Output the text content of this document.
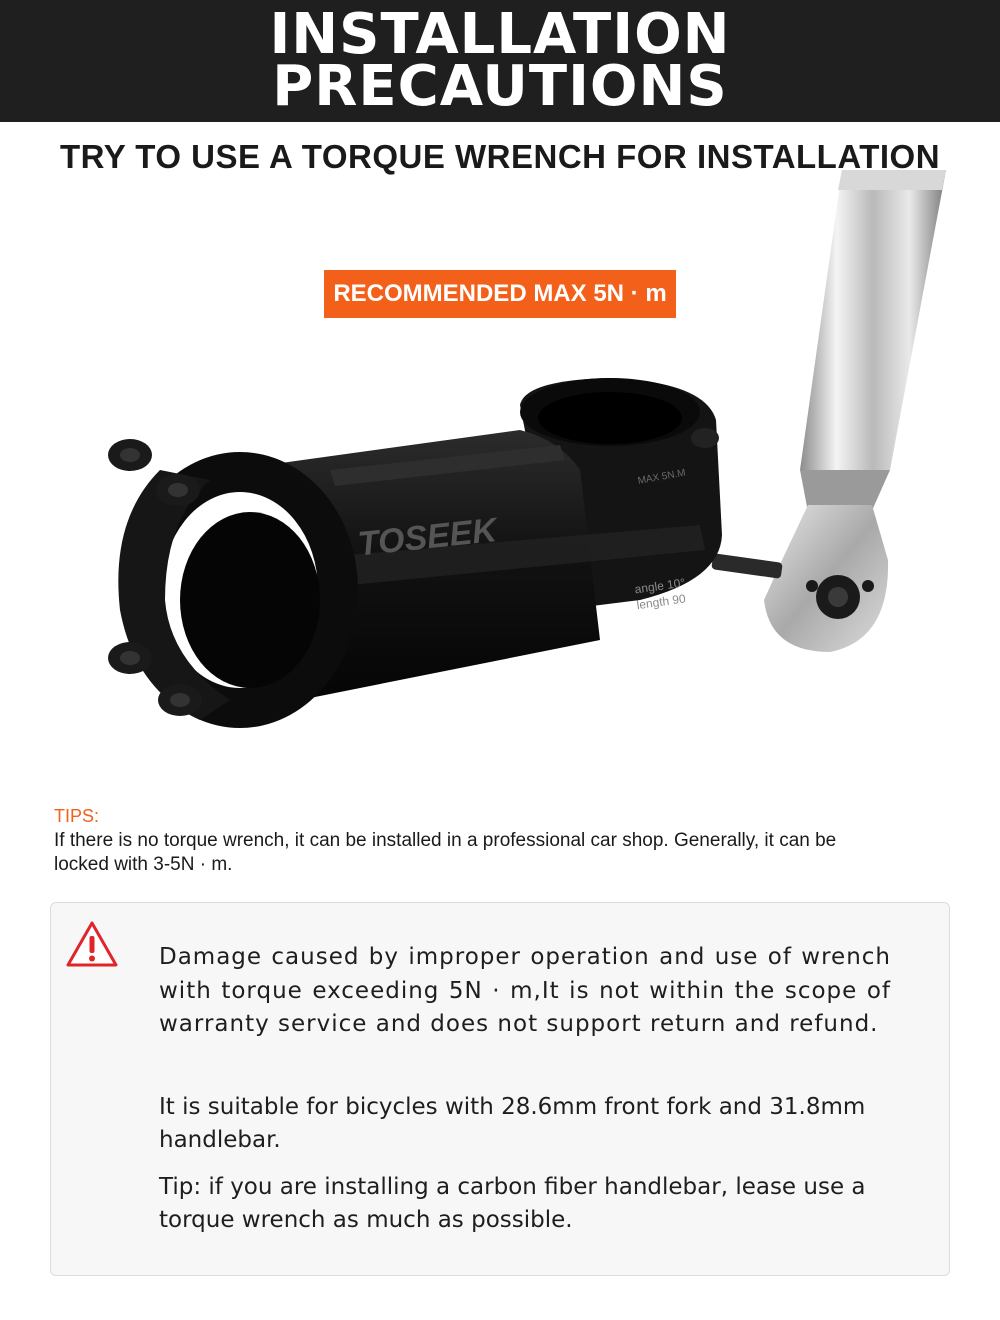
INSTALLATION
PRECAUTIONS
TOSEEK
angle 10°
length 90
MAX 5N.M
TRY TO USE A TORQUE WRENCH FOR INSTALLATION
RECOMMENDED MAX 5N · m
TIPS:
If there is no torque wrench, it can be installed in a professional car shop. Generally, it can be
locked with 3-5N · m.

Damage caused by improper operation and use of wrench with torque exceeding 5N · m,It is not within the scope of warranty service and does not support return and refund.

It is suitable for bicycles with 28.6mm front fork and 31.8mm handlebar.

Tip: if you are installing a carbon fiber handlebar, lease use a torque wrench as much as possible.
